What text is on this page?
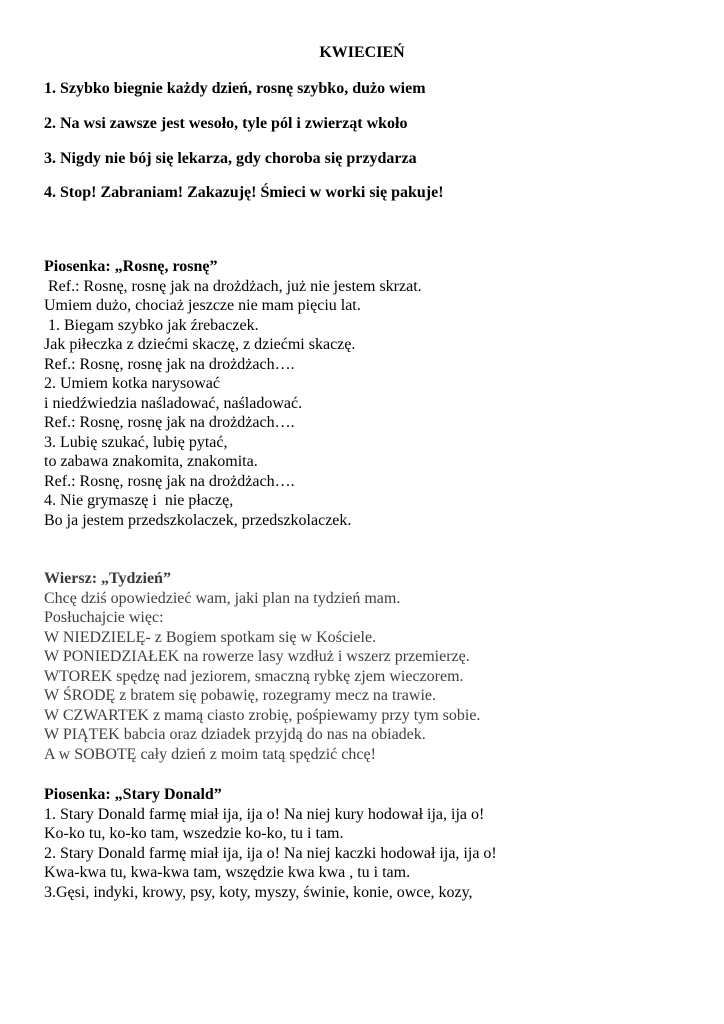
KWIECIEŃ
1. Szybko biegnie każdy dzień, rosnę szybko, dużo wiem
2. Na wsi zawsze jest wesoło, tyle pól i zwierząt wkoło
3. Nigdy nie bój się lekarza, gdy choroba się przydarza
4. Stop! Zabraniam! Zakazuję! Śmieci w worki się pakuje!
Piosenka: „Rosnę, rosnę”
Ref.: Rosnę, rosnę jak na drożdżach, już nie jestem skrzat.
Umiem dużo, chociaż jeszcze nie mam pięciu lat.
1. Biegam szybko jak źrebaczek.
Jak piłeczka z dziećmi skaczę, z dziećmi skaczę.
Ref.: Rosnę, rosnę jak na drożdżach….
2. Umiem kotka narysować
i niedźwiedzia naśladować, naśladować.
Ref.: Rosnę, rosnę jak na drożdżach….
3. Lubię szukać, lubię pytać,
to zabawa znakomita, znakomita.
Ref.: Rosnę, rosnę jak na drożdżach….
4. Nie grymaszę i  nie płaczę,
Bo ja jestem przedszkolaczek, przedszkolaczek.
Wiersz: „Tydzień”
Chcę dziś opowiedzieć wam, jaki plan na tydzień mam.
Posłuchajcie więc:
W NIEDZIELĘ- z Bogiem spotkam się w Kościele.
W PONIEDZIAŁEK na rowerze lasy wzdłuż i wszerz przemierzę.
WTOREK spędzę nad jeziorem, smaczną rybkę zjem wieczorem.
W ŚRODĘ z bratem się pobawię, rozegramy mecz na trawie.
W CZWARTEK z mamą ciasto zrobię, pośpiewamy przy tym sobie.
W PIĄTEK babcia oraz dziadek przyjdą do nas na obiadek.
A w SOBOTĘ cały dzień z moim tatą spędzić chcę!
Piosenka: „Stary Donald”
1. Stary Donald farmę miał ija, ija o! Na niej kury hodował ija, ija o!
Ko-ko tu, ko-ko tam, wszedzie ko-ko, tu i tam.
2. Stary Donald farmę miał ija, ija o! Na niej kaczki hodował ija, ija o!
Kwa-kwa tu, kwa-kwa tam, wszędzie kwa kwa , tu i tam.
3.Gęsi, indyki, krowy, psy, koty, myszy, świnie, konie, owce, kozy,
